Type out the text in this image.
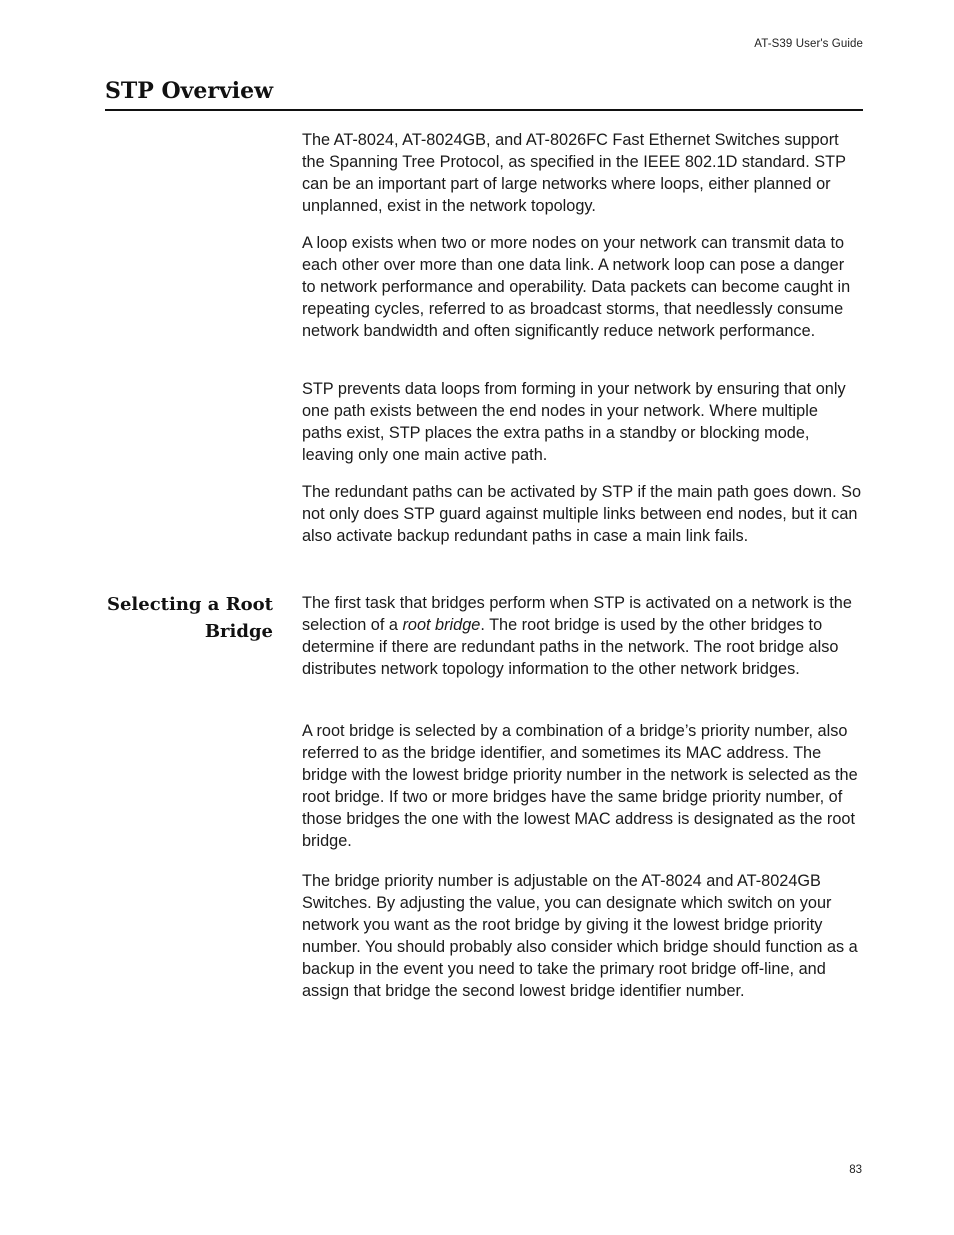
AT-S39 User's Guide
STP Overview

The AT-8024, AT-8024GB, and AT-8026FC Fast Ethernet Switches support the Spanning Tree Protocol, as specified in the IEEE 802.1D standard. STP can be an important part of large networks where loops, either planned or unplanned, exist in the network topology.

A loop exists when two or more nodes on your network can transmit data to each other over more than one data link. A network loop can pose a danger to network performance and operability. Data packets can become caught in repeating cycles, referred to as broadcast storms, that needlessly consume network bandwidth and often significantly reduce network performance.

STP prevents data loops from forming in your network by ensuring that only one path exists between the end nodes in your network. Where multiple paths exist, STP places the extra paths in a standby or blocking mode, leaving only one main active path.

The redundant paths can be activated by STP if the main path goes down. So not only does STP guard against multiple links between end nodes, but it can also activate backup redundant paths in case a main link fails.

Selecting a Root
Bridge

The first task that bridges perform when STP is activated on a network is the selection of a root bridge. The root bridge is used by the other bridges to determine if there are redundant paths in the network. The root bridge also distributes network topology information to the other network bridges.

A root bridge is selected by a combination of a bridge’s priority number, also referred to as the bridge identifier, and sometimes its MAC address. The bridge with the lowest bridge priority number in the network is selected as the root bridge. If two or more bridges have the same bridge priority number, of those bridges the one with the lowest MAC address is designated as the root bridge.

The bridge priority number is adjustable on the AT-8024 and AT-8024GB Switches. By adjusting the value, you can designate which switch on your network you want as the root bridge by giving it the lowest bridge priority number. You should probably also consider which bridge should function as a backup in the event you need to take the primary root bridge off-line, and assign that bridge the second lowest bridge identifier number.

83
